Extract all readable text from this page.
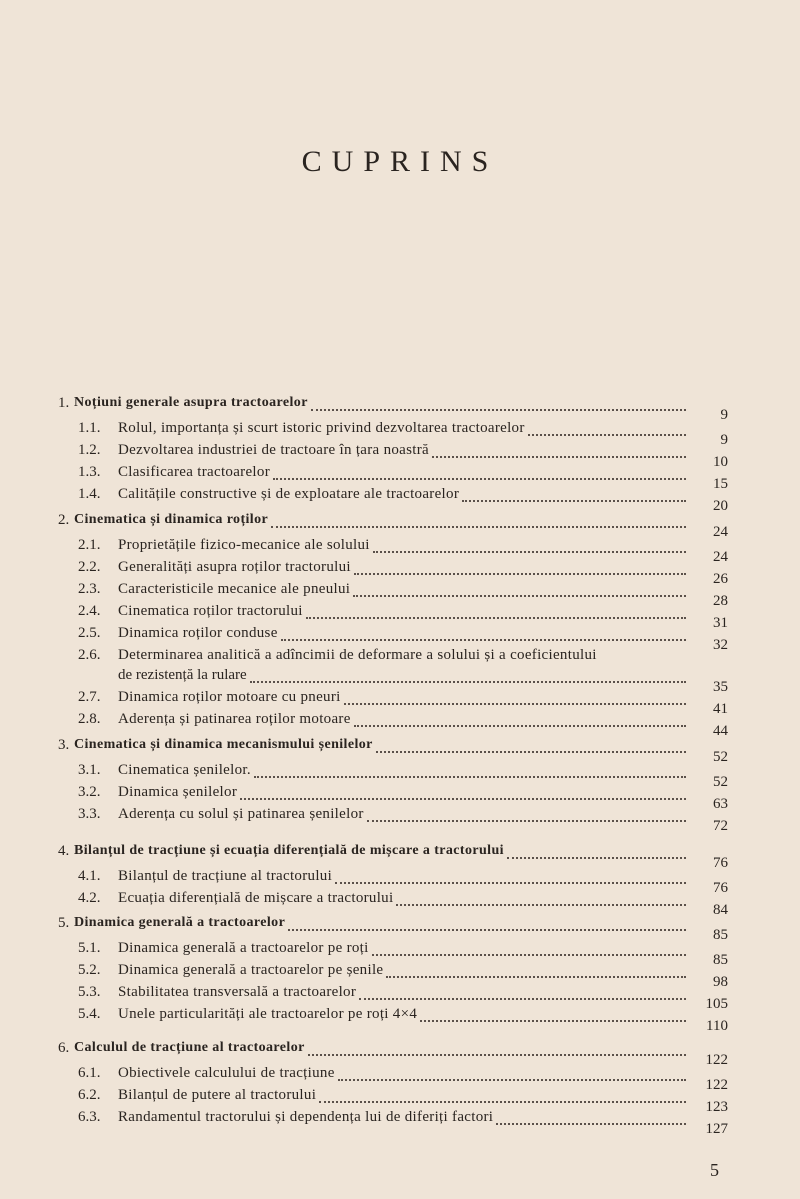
CUPRINS
1. Noțiuni generale asupra tractoarelor
9
1.1. Rolul, importanța și scurt istoric privind dezvoltarea tractoarelor
9
1.2. Dezvoltarea industriei de tractoare în țara noastră
10
1.3. Clasificarea tractoarelor
15
1.4. Calitățile constructive și de exploatare ale tractoarelor
20
2. Cinematica și dinamica roților
24
2.1. Proprietățile fizico-mecanice ale solului
24
2.2. Generalități asupra roților tractorului
26
2.3. Caracteristicile mecanice ale pneului
28
2.4. Cinematica roților tractorului
31
2.5. Dinamica roților conduse
32
2.6. Determinarea analitică a adîncimii de deformare a solului și a coeficientului
de rezistență la rulare
35
2.7. Dinamica roților motoare cu pneuri
41
2.8. Aderența și patinarea roților motoare
44
3. Cinematica și dinamica mecanismului șenilelor
52
3.1. Cinematica șenilelor.
52
3.2. Dinamica șenilelor
63
3.3. Aderența cu solul și patinarea șenilelor
72
4. Bilanțul de tracțiune și ecuația diferențială de mișcare a tractorului
76
4.1. Bilanțul de tracțiune al tractorului
76
4.2. Ecuația diferențială de mișcare a tractorului
84
5. Dinamica generală a tractoarelor
85
5.1. Dinamica generală a tractoarelor pe roți
85
5.2. Dinamica generală a tractoarelor pe șenile
98
5.3. Stabilitatea transversală a tractoarelor
105
5.4. Unele particularități ale tractoarelor pe roți 4×4
110
6. Calculul de tracțiune al tractoarelor
122
6.1. Obiectivele calculului de tracțiune
122
6.2. Bilanțul de putere al tractorului
123
6.3. Randamentul tractorului și dependența lui de diferiți factori
127
5
